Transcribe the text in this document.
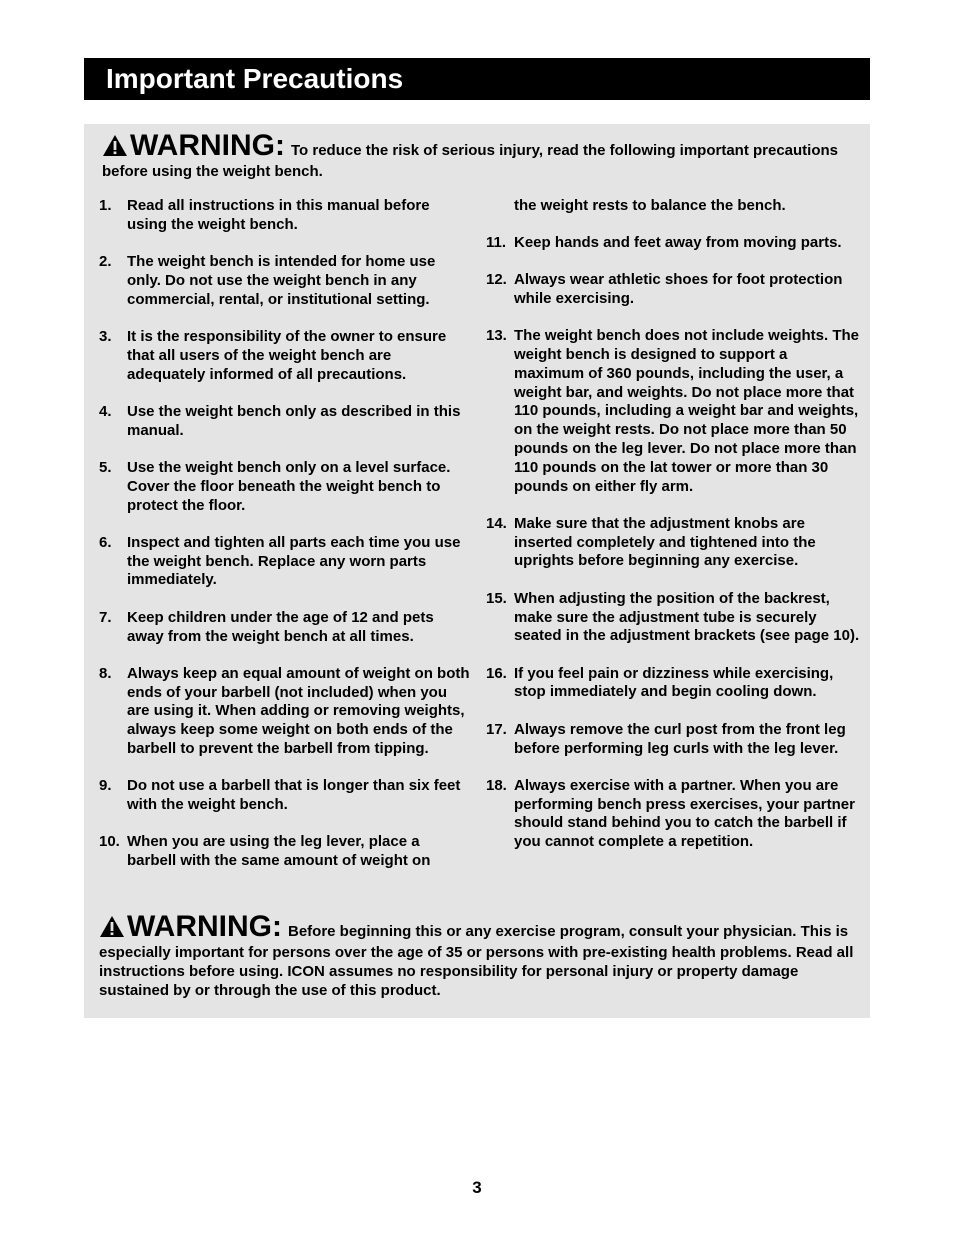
Important Precautions
WARNING: To reduce the risk of serious injury, read the following important precautions before using the weight bench.
1. Read all instructions in this manual before using the weight bench.
2. The weight bench is intended for home use only. Do not use the weight bench in any commercial, rental, or institutional setting.
3. It is the responsibility of the owner to ensure that all users of the weight bench are adequately informed of all precautions.
4. Use the weight bench only as described in this manual.
5. Use the weight bench only on a level surface. Cover the floor beneath the weight bench to protect the floor.
6. Inspect and tighten all parts each time you use the weight bench. Replace any worn parts immediately.
7. Keep children under the age of 12 and pets away from the weight bench at all times.
8. Always keep an equal amount of weight on both ends of your barbell (not included) when you are using it. When adding or removing weights, always keep some weight on both ends of the barbell to prevent the barbell from tipping.
9. Do not use a barbell that is longer than six feet with the weight bench.
10. When you are using the leg lever, place a barbell with the same amount of weight on
the weight rests to balance the bench.
11. Keep hands and feet away from moving parts.
12. Always wear athletic shoes for foot protection while exercising.
13. The weight bench does not include weights. The weight bench is designed to support a maximum of 360 pounds, including the user, a weight bar, and weights. Do not place more that 110 pounds, including a weight bar and weights, on the weight rests. Do not place more than 50 pounds on the leg lever. Do not place more than 110 pounds on the lat tower or more than 30 pounds on either fly arm.
14. Make sure that the adjustment knobs are inserted completely and tightened into the uprights before beginning any exercise.
15. When adjusting the position of the backrest, make sure the adjustment tube is securely seated in the adjustment brackets (see page 10).
16. If you feel pain or dizziness while exercising, stop immediately and begin cooling down.
17. Always remove the curl post from the front leg before performing leg curls with the leg lever.
18. Always exercise with a partner. When you are performing bench press exercises, your partner should stand behind you to catch the barbell if you cannot complete a repetition.
WARNING: Before beginning this or any exercise program, consult your physician. This is especially important for persons over the age of 35 or persons with pre-existing health problems. Read all instructions before using. ICON assumes no responsibility for personal injury or property damage sustained by or through the use of this product.
3
